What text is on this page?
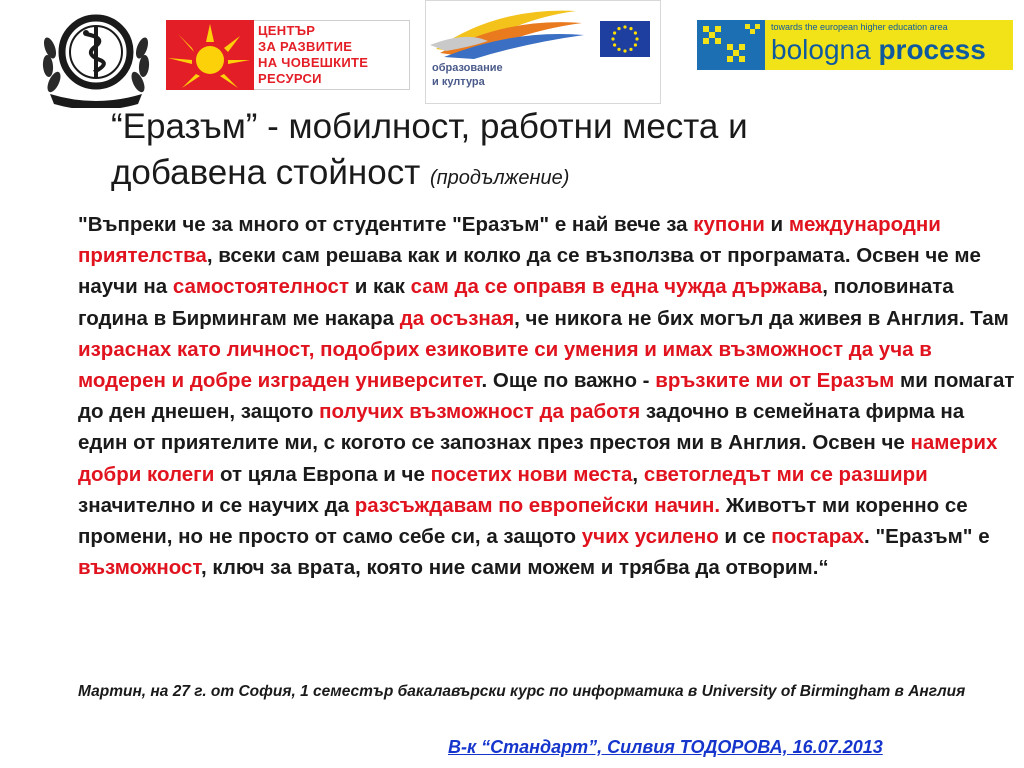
ЦЕНТЪР
ЗА РАЗВИТИЕ
НА ЧОВЕШКИТЕ
РЕСУРСИ
образование
и култура
towards the european higher education area
bologna process
“Еразъм” - мобилност, работни места и
добавена стойност (продължение)

"Въпреки че за много от студентите "Еразъм" е най вече за купони и международни приятелства, всеки сам решава как и колко да се възползва от програмата. Освен че ме научи на самостоятелност и как сам да се оправя в една чужда държава, половината година в Бирмингам ме накара да осъзная, че никога не бих могъл да живея в Англия. Там израснах като личност, подобрих езиковите си умения и имах възможност да уча в модерен и добре изграден университет. Още по важно - връзките ми от Еразъм ми помагат до ден днешен, защото получих възможност да работя задочно в семейната фирма на един от приятелите ми, с когото се запознах през престоя ми в Англия. Освен че намерих добри колеги от цяла Европа и че посетих нови места, светогледът ми се разшири значително и се научих да разсъждавам по европейски начин. Животът ми коренно се промени, но не просто от само себе си, а защото учих усилено и се постарах. "Еразъм" е възможност, ключ за врата, която ние сами можем и трябва да отворим.“

Мартин, на 27 г. от София, 1 семестър бакалавърски курс по информатика в University of Birmingham в Англия
В-к “Стандарт”, Силвия ТОДОРОВА, 16.07.2013
